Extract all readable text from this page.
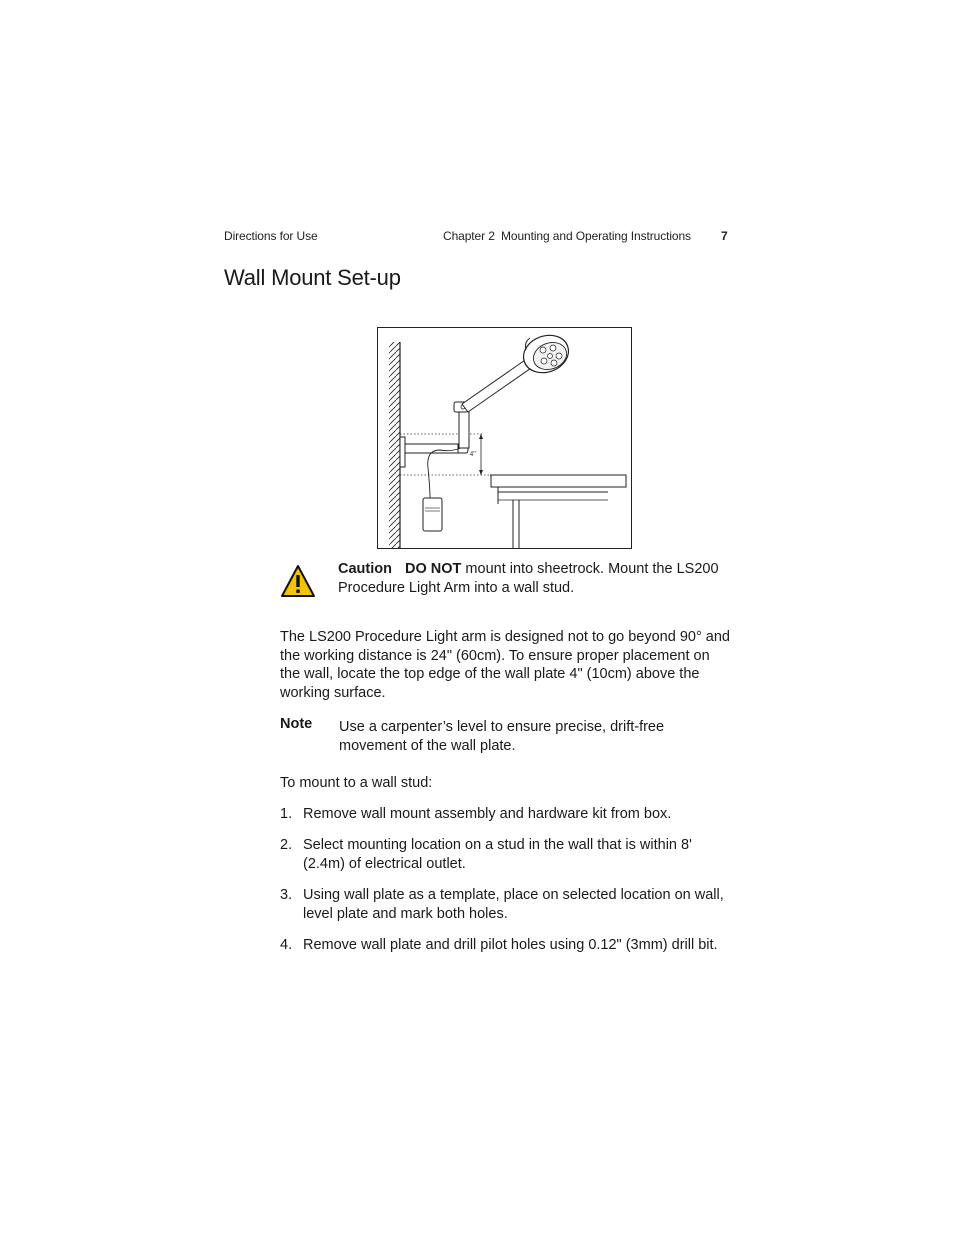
Directions for Use	Chapter 2 Mounting and Operating Instructions	7
Wall Mount Set-up
4"
Caution DO NOT mount into sheetrock. Mount the LS200 Procedure Light Arm into a wall stud.

The LS200 Procedure Light arm is designed not to go beyond 90° and the working distance is 24" (60cm). To ensure proper placement on the wall, locate the top edge of the wall plate 4" (10cm) above the working surface.

Note Use a carpenter’s level to ensure precise, drift-free movement of the wall plate.

To mount to a wall stud:

1. Remove wall mount assembly and hardware kit from box.
2. Select mounting location on a stud in the wall that is within 8' (2.4m) of electrical outlet.
3. Using wall plate as a template, place on selected location on wall, level plate and mark both holes.
4. Remove wall plate and drill pilot holes using 0.12" (3mm) drill bit.
